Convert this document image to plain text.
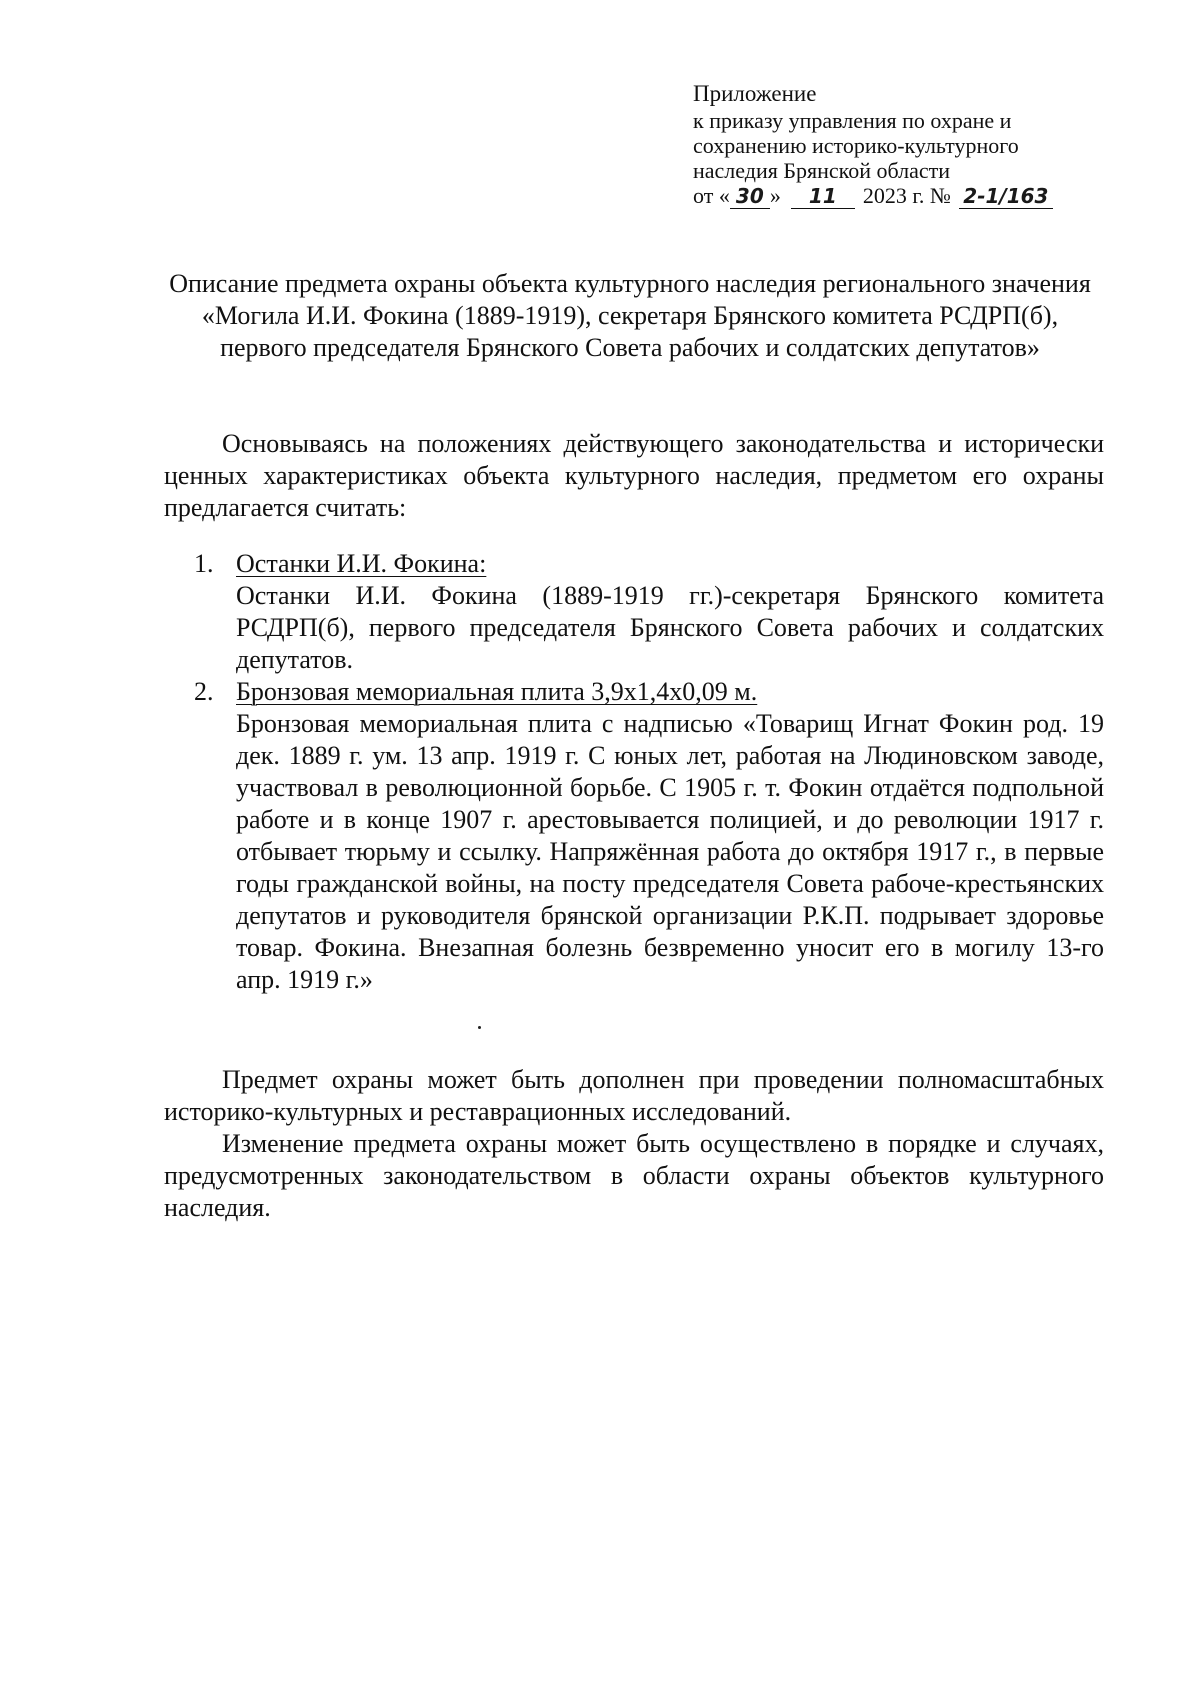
Приложение
к приказу управления по охране и
сохранению историко-культурного
наследия Брянской области
от « 30 » 11 2023 г. № 2-1/163
Описание предмета охраны объекта культурного наследия регионального значения «Могила И.И. Фокина (1889-1919), секретаря Брянского комитета РСДРП(б), первого председателя Брянского Совета рабочих и солдатских депутатов»

Основываясь на положениях действующего законодательства и исторически ценных характеристиках объекта культурного наследия, предметом его охраны предлагается считать:

1. Останки И.И. Фокина:
Останки И.И. Фокина (1889-1919 гг.)-секретаря Брянского комитета РСДРП(б), первого председателя Брянского Совета рабочих и солдатских депутатов.
2. Бронзовая мемориальная плита 3,9х1,4х0,09 м.
Бронзовая мемориальная плита с надписью «Товарищ Игнат Фокин род. 19 дек. 1889 г. ум. 13 апр. 1919 г. С юных лет, работая на Людиновском заводе, участвовал в революционной борьбе. С 1905 г. т. Фокин отдаётся подпольной работе и в конце 1907 г. арестовывается полицией, и до революции 1917 г. отбывает тюрьму и ссылку. Напряжённая работа до октября 1917 г., в первые годы гражданской войны, на посту председателя Совета рабоче-крестьянских депутатов и руководителя брянской организации Р.К.П. подрывает здоровье товар. Фокина. Внезапная болезнь безвременно уносит его в могилу 13-го апр. 1919 г.»

Предмет охраны может быть дополнен при проведении полномасштабных историко-культурных и реставрационных исследований.

Изменение предмета охраны может быть осуществлено в порядке и случаях, предусмотренных законодательством в области охраны объектов культурного наследия.
